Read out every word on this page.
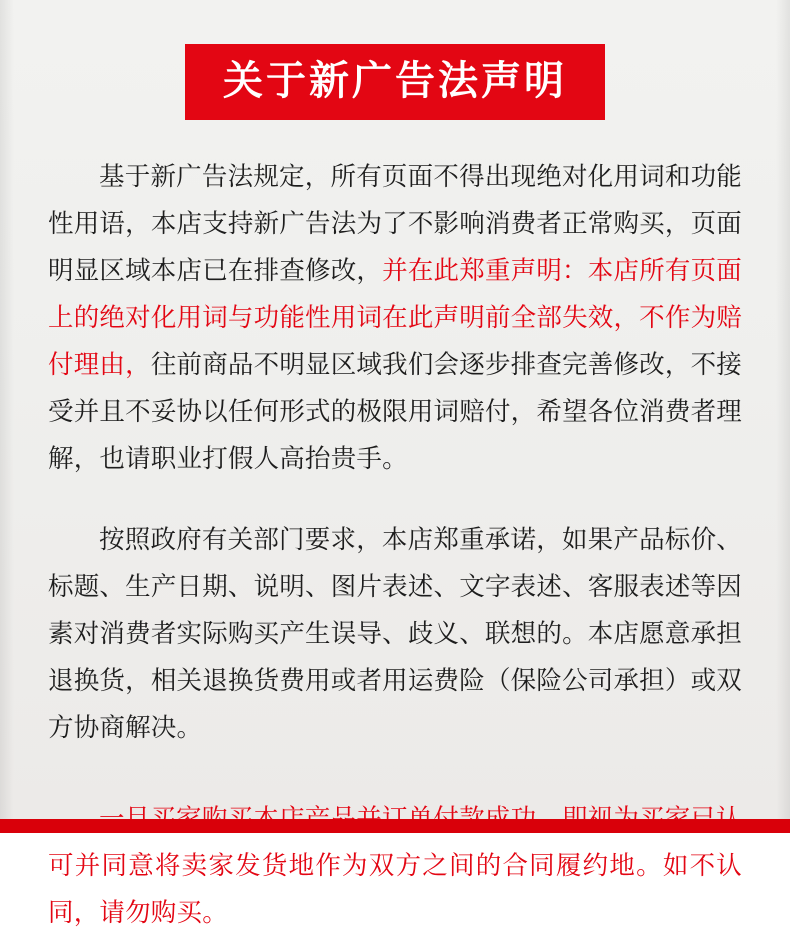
关于新广告法声明

基于新广告法规定，所有页面不得出现绝对化用词和功能性用语，本店支持新广告法为了不影响消费者正常购买，页面明显区域本店已在排查修改，并在此郑重声明：本店所有页面上的绝对化用词与功能性用词在此声明前全部失效，不作为赔付理由，往前商品不明显区域我们会逐步排查完善修改，不接受并且不妥协以任何形式的极限用词赔付，希望各位消费者理解，也请职业打假人高抬贵手。

按照政府有关部门要求，本店郑重承诺，如果产品标价、标题、生产日期、说明、图片表述、文字表述、客服表述等因素对消费者实际购买产生误导、歧义、联想的。本店愿意承担退换货，相关退换货费用或者用运费险（保险公司承担）或双方协商解决。

可并同意将卖家发货地作为双方之间的合同履约地。如不认同，请勿购买。
